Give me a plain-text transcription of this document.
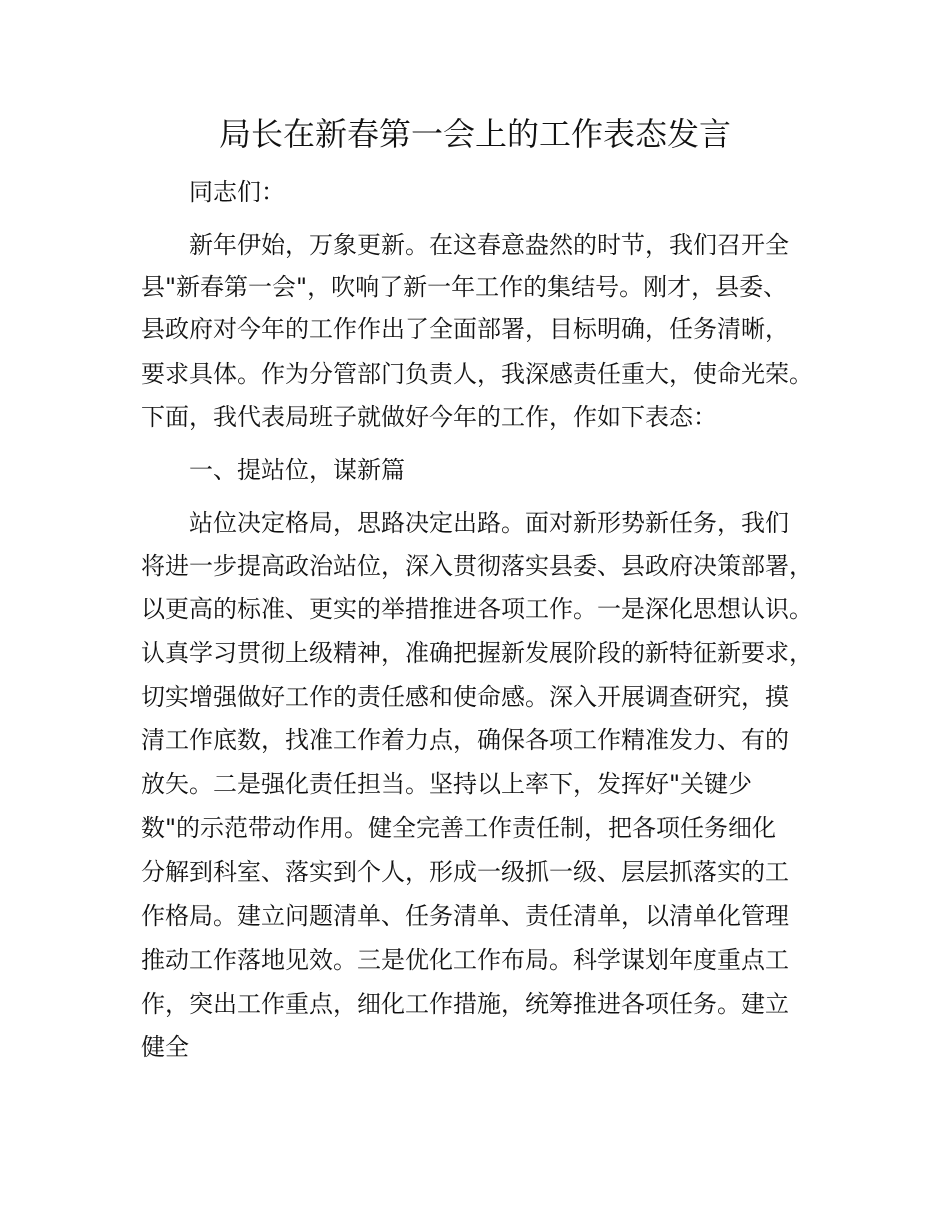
局长在新春第一会上的工作表态发言

同志们：

新年伊始，万象更新。在这春意盎然的时节，我们召开全

县"新春第一会"，吹响了新一年工作的集结号。刚才，县委、

县政府对今年的工作作出了全面部署，目标明确，任务清晰，

要求具体。作为分管部门负责人，我深感责任重大，使命光荣。

下面，我代表局班子就做好今年的工作，作如下表态：

一、提站位，谋新篇

站位决定格局，思路决定出路。面对新形势新任务，我们

将进一步提高政治站位，深入贯彻落实县委、县政府决策部署，

以更高的标准、更实的举措推进各项工作。一是深化思想认识。

认真学习贯彻上级精神，准确把握新发展阶段的新特征新要求，

切实增强做好工作的责任感和使命感。深入开展调查研究，摸

清工作底数，找准工作着力点，确保各项工作精准发力、有的

放矢。二是强化责任担当。坚持以上率下，发挥好"关键少

数"的示范带动作用。健全完善工作责任制，把各项任务细化

分解到科室、落实到个人，形成一级抓一级、层层抓落实的工

作格局。建立问题清单、任务清单、责任清单，以清单化管理

推动工作落地见效。三是优化工作布局。科学谋划年度重点工

作，突出工作重点，细化工作措施，统筹推进各项任务。建立

健全
